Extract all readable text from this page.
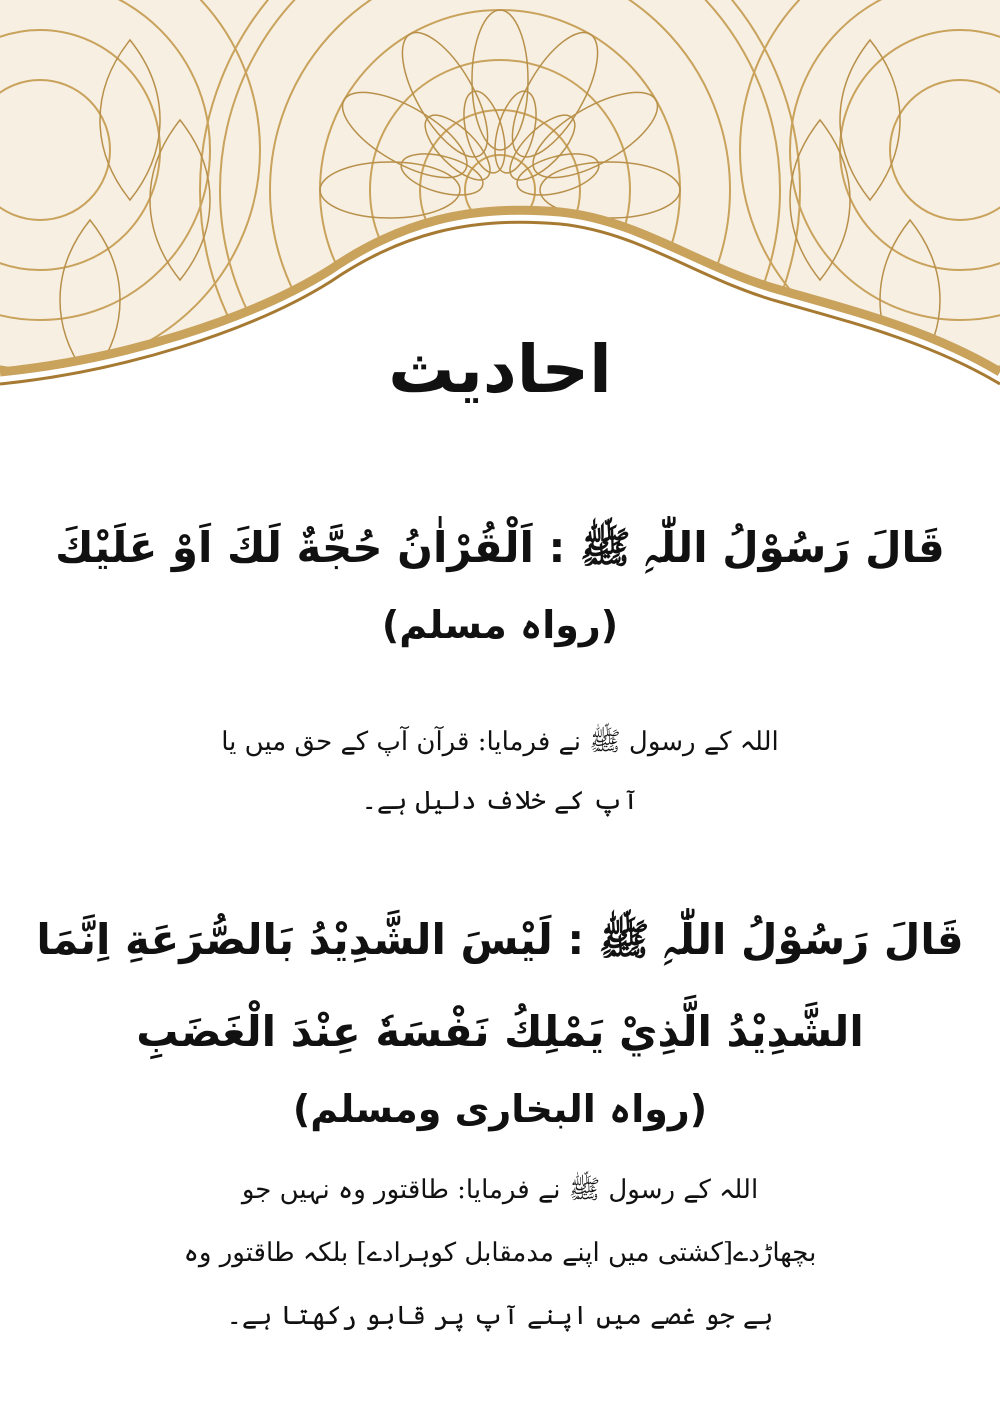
احادیث
قَالَ رَسُوْلُ اللّٰہِ ﷺ : اَلْقُرْاٰنُ حُجَّةٌ لَكَ اَوْ عَلَيْكَ
(رواہ مسلم)
اللہ کے رسول ﷺ نے فرمایا: قرآن آپ کے حق میں یا
آپ کے خلاف دلیل ہے۔
قَالَ رَسُوْلُ اللّٰہِ ﷺ : لَيْسَ الشَّدِيْدُ بَالصُّرَعَةِ اِنَّمَا
الشَّدِيْدُ الَّذِيْ يَمْلِكُ نَفْسَهٗ عِنْدَ الْغَضَبِ
(رواہ البخاری ومسلم)
اللہ کے رسول ﷺ نے فرمایا: طاقتور وہ نہیں جو
بچھاڑدے[کشتی میں اپنے مدمقابل کوہرادے] بلکہ طاقتور وہ
ہے جو غصے میں اپنے آپ پر قابو رکھتا ہے۔
